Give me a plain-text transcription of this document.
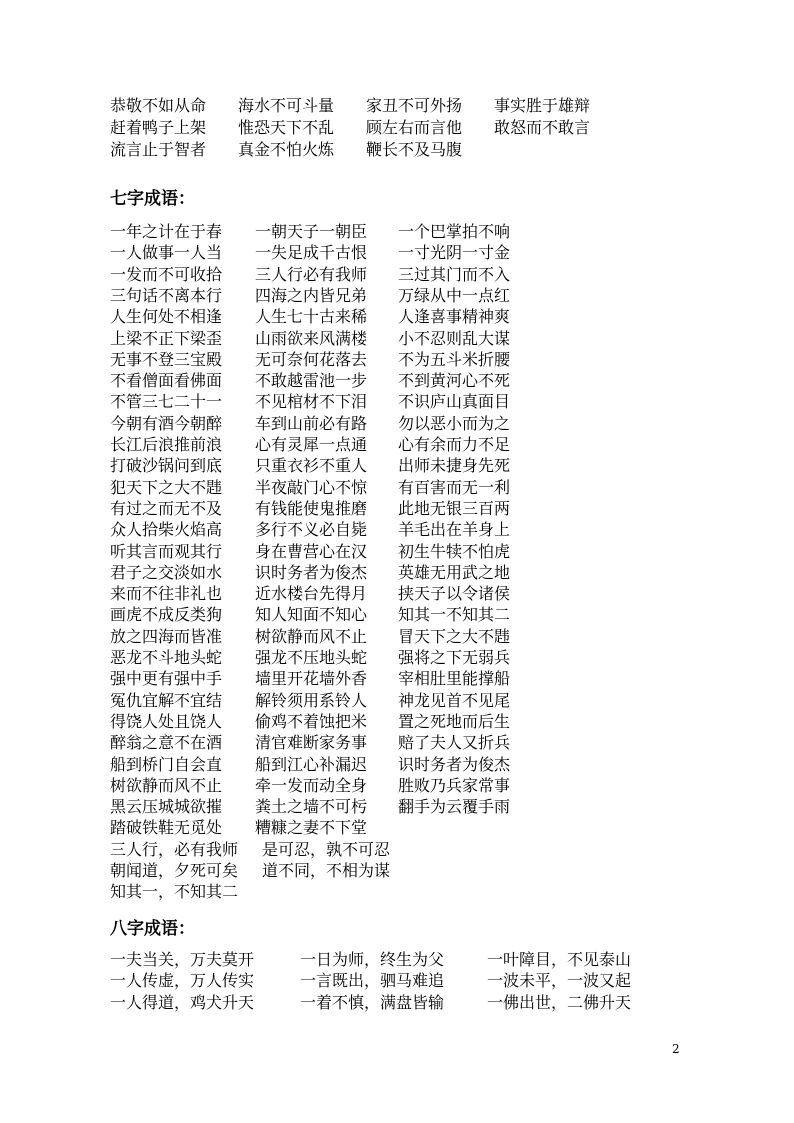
恭敬不如从命 海水不可斗量 家丑不可外扬 事实胜于雄辩
赶着鸭子上架 惟恐天下不乱 顾左右而言他 敢怒而不敢言
流言止于智者 真金不怕火炼 鞭长不及马腹
七字成语：
一年之计在于春 一朝天子一朝臣 一个巴掌拍不响
一人做事一人当 一失足成千古恨 一寸光阴一寸金
一发而不可收拾 三人行必有我师 三过其门而不入
三句话不离本行 四海之内皆兄弟 万绿从中一点红
人生何处不相逢 人生七十古来稀 人逢喜事精神爽
上梁不正下梁歪 山雨欲来风满楼 小不忍则乱大谋
无事不登三宝殿 无可奈何花落去 不为五斗米折腰
不看僧面看佛面 不敢越雷池一步 不到黄河心不死
不管三七二十一 不见棺材不下泪 不识庐山真面目
今朝有酒今朝醉 车到山前必有路 勿以恶小而为之
长江后浪推前浪 心有灵犀一点通 心有余而力不足
打破沙锅问到底 只重衣衫不重人 出师未捷身先死
犯天下之大不韪 半夜敲门心不惊 有百害而无一利
有过之而无不及 有钱能使鬼推磨 此地无银三百两
众人拾柴火焰高 多行不义必自毙 羊毛出在羊身上
听其言而观其行 身在曹营心在汉 初生牛犊不怕虎
君子之交淡如水 识时务者为俊杰 英雄无用武之地
来而不往非礼也 近水楼台先得月 挟天子以令诸侯
画虎不成反类狗 知人知面不知心 知其一不知其二
放之四海而皆准 树欲静而风不止 冒天下之大不韪
恶龙不斗地头蛇 强龙不压地头蛇 强将之下无弱兵
强中更有强中手 墙里开花墙外香 宰相肚里能撑船
冤仇宜解不宜结 解铃须用系铃人 神龙见首不见尾
得饶人处且饶人 偷鸡不着蚀把米 置之死地而后生
醉翁之意不在酒 清官难断家务事 赔了夫人又折兵
船到桥门自会直 船到江心补漏迟 识时务者为俊杰
树欲静而风不止 牵一发而动全身 胜败乃兵家常事
黑云压城城欲摧 粪土之墙不可杇 翻手为云覆手雨
踏破铁鞋无觅处 糟糠之妻不下堂
三人行，必有我师 是可忍，孰不可忍
朝闻道，夕死可矣 道不同，不相为谋
知其一，不知其二
八字成语：
一夫当关，万夫莫开	一日为师，终生为父	一叶障目，不见泰山
一人传虚，万人传实	一言既出，驷马难追	一波未平，一波又起
一人得道，鸡犬升天	一着不慎，满盘皆输	一佛出世，二佛升天
2
